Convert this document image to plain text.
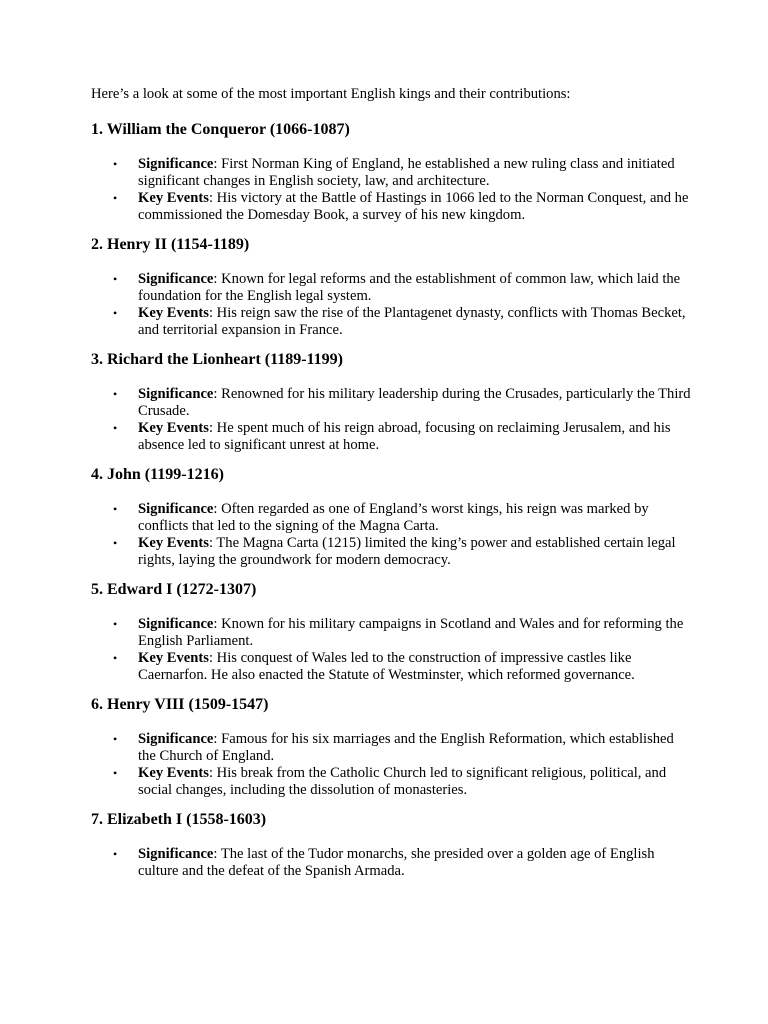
Here’s a look at some of the most important English kings and their contributions:

1. William the Conqueror (1066-1087)
• Significance: First Norman King of England, he established a new ruling class and initiated significant changes in English society, law, and architecture.
• Key Events: His victory at the Battle of Hastings in 1066 led to the Norman Conquest, and he commissioned the Domesday Book, a survey of his new kingdom.
2. Henry II (1154-1189)
• Significance: Known for legal reforms and the establishment of common law, which laid the foundation for the English legal system.
• Key Events: His reign saw the rise of the Plantagenet dynasty, conflicts with Thomas Becket, and territorial expansion in France.
3. Richard the Lionheart (1189-1199)
• Significance: Renowned for his military leadership during the Crusades, particularly the Third Crusade.
• Key Events: He spent much of his reign abroad, focusing on reclaiming Jerusalem, and his absence led to significant unrest at home.
4. John (1199-1216)
• Significance: Often regarded as one of England’s worst kings, his reign was marked by conflicts that led to the signing of the Magna Carta.
• Key Events: The Magna Carta (1215) limited the king’s power and established certain legal rights, laying the groundwork for modern democracy.
5. Edward I (1272-1307)
• Significance: Known for his military campaigns in Scotland and Wales and for reforming the English Parliament.
• Key Events: His conquest of Wales led to the construction of impressive castles like Caernarfon. He also enacted the Statute of Westminster, which reformed governance.
6. Henry VIII (1509-1547)
• Significance: Famous for his six marriages and the English Reformation, which established the Church of England.
• Key Events: His break from the Catholic Church led to significant religious, political, and social changes, including the dissolution of monasteries.
7. Elizabeth I (1558-1603)
• Significance: The last of the Tudor monarchs, she presided over a golden age of English culture and the defeat of the Spanish Armada.
